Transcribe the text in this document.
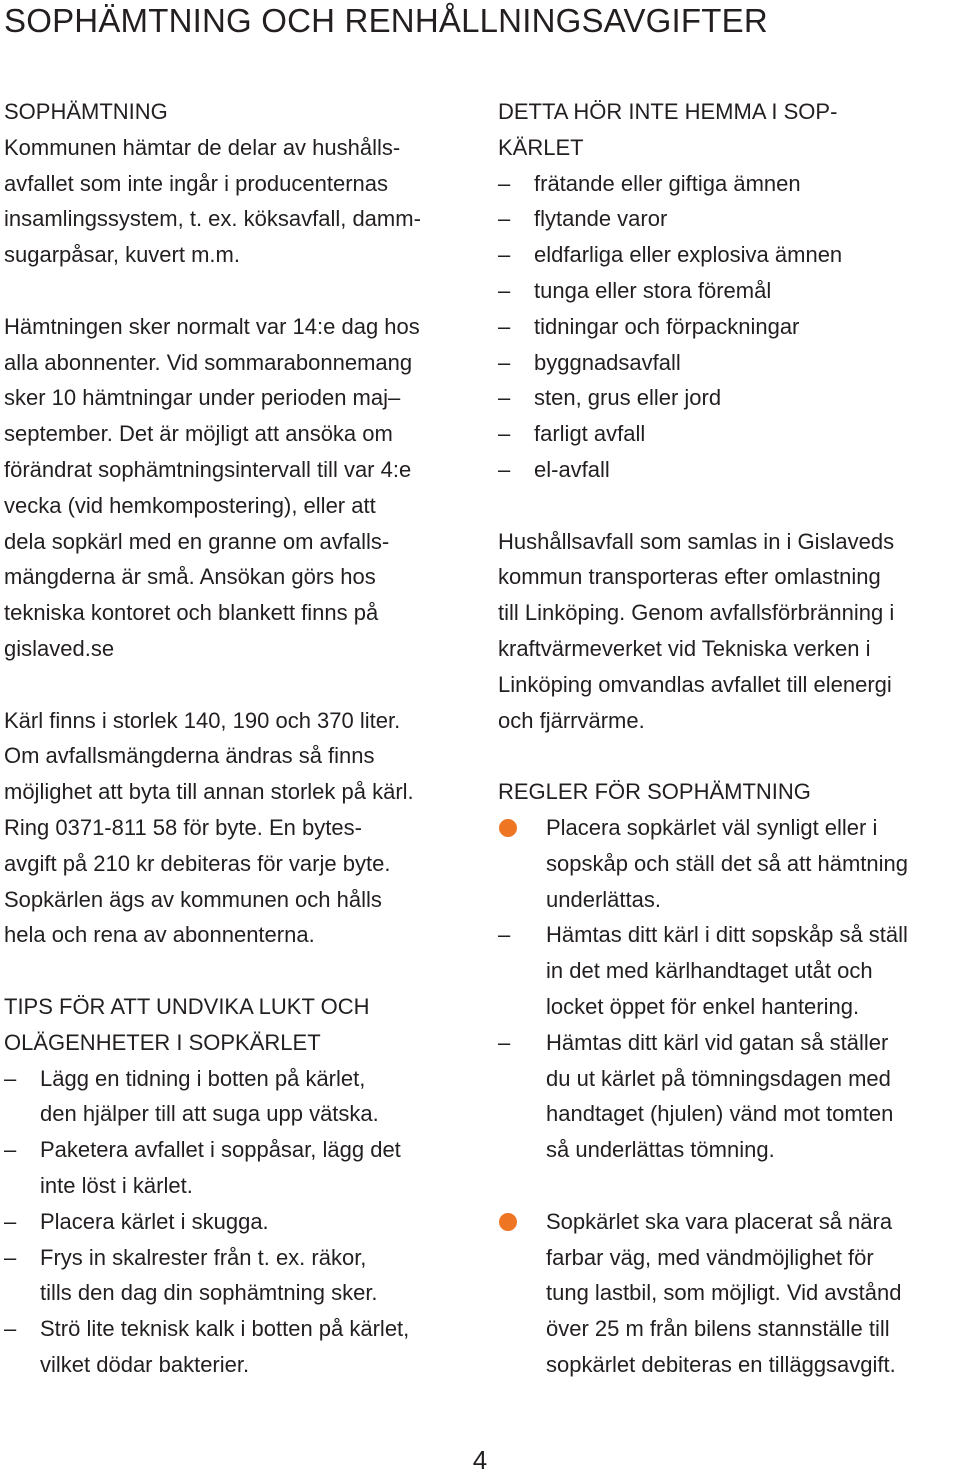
SOPHÄMTNING OCH RENHÅLLNINGSAVGIFTER
SOPHÄMTNING
Kommunen hämtar de delar av hushålls-
avfallet som inte ingår i producenternas
insamlingssystem, t. ex. köksavfall, damm-
sugarpåsar, kuvert m.m.
Hämtningen sker normalt var 14:e dag hos
alla abonnenter. Vid sommarabonnemang
sker 10 hämtningar under perioden maj–
september. Det är möjligt att ansöka om
förändrat sophämtningsintervall till var 4:e
vecka (vid hemkompostering), eller att
dela sopkärl med en granne om avfalls-
mängderna är små. Ansökan görs hos
tekniska kontoret och blankett finns på
gislaved.se
Kärl finns i storlek 140, 190 och 370 liter.
Om avfallsmängderna ändras så finns
möjlighet att byta till annan storlek på kärl.
Ring 0371-811 58 för byte. En bytes-
avgift på 210 kr debiteras för varje byte.
Sopkärlen ägs av kommunen och hålls
hela och rena av abonnenterna.
TIPS FÖR ATT UNDVIKA LUKT OCH
OLÄGENHETER I SOPKÄRLET
– Lägg en tidning i botten på kärlet,
den hjälper till att suga upp vätska.
– Paketera avfallet i soppåsar, lägg det
inte löst i kärlet.
– Placera kärlet i skugga.
– Frys in skalrester från t. ex. räkor,
tills den dag din sophämtning sker.
– Strö lite teknisk kalk i botten på kärlet,
vilket dödar bakterier.
DETTA HÖR INTE HEMMA I SOP-
KÄRLET
– frätande eller giftiga ämnen
– flytande varor
– eldfarliga eller explosiva ämnen
– tunga eller stora föremål
– tidningar och förpackningar
– byggnadsavfall
– sten, grus eller jord
– farligt avfall
– el-avfall
Hushållsavfall som samlas in i Gislaveds
kommun transporteras efter omlastning
till Linköping. Genom avfallsförbränning i
kraftvärmeverket vid Tekniska verken i
Linköping omvandlas avfallet till elenergi
och fjärrvärme.
REGLER FÖR SOPHÄMTNING
Placera sopkärlet väl synligt eller i
sopskåp och ställ det så att hämtning
underlättas.
– Hämtas ditt kärl i ditt sopskåp så ställ
in det med kärlhandtaget utåt och
locket öppet för enkel hantering.
– Hämtas ditt kärl vid gatan så ställer
du ut kärlet på tömningsdagen med
handtaget (hjulen) vänd mot tomten
så underlättas tömning.
Sopkärlet ska vara placerat så nära
farbar väg, med vändmöjlighet för
tung lastbil, som möjligt. Vid avstånd
över 25 m från bilens stannställe till
sopkärlet debiteras en tilläggsavgift.
4
